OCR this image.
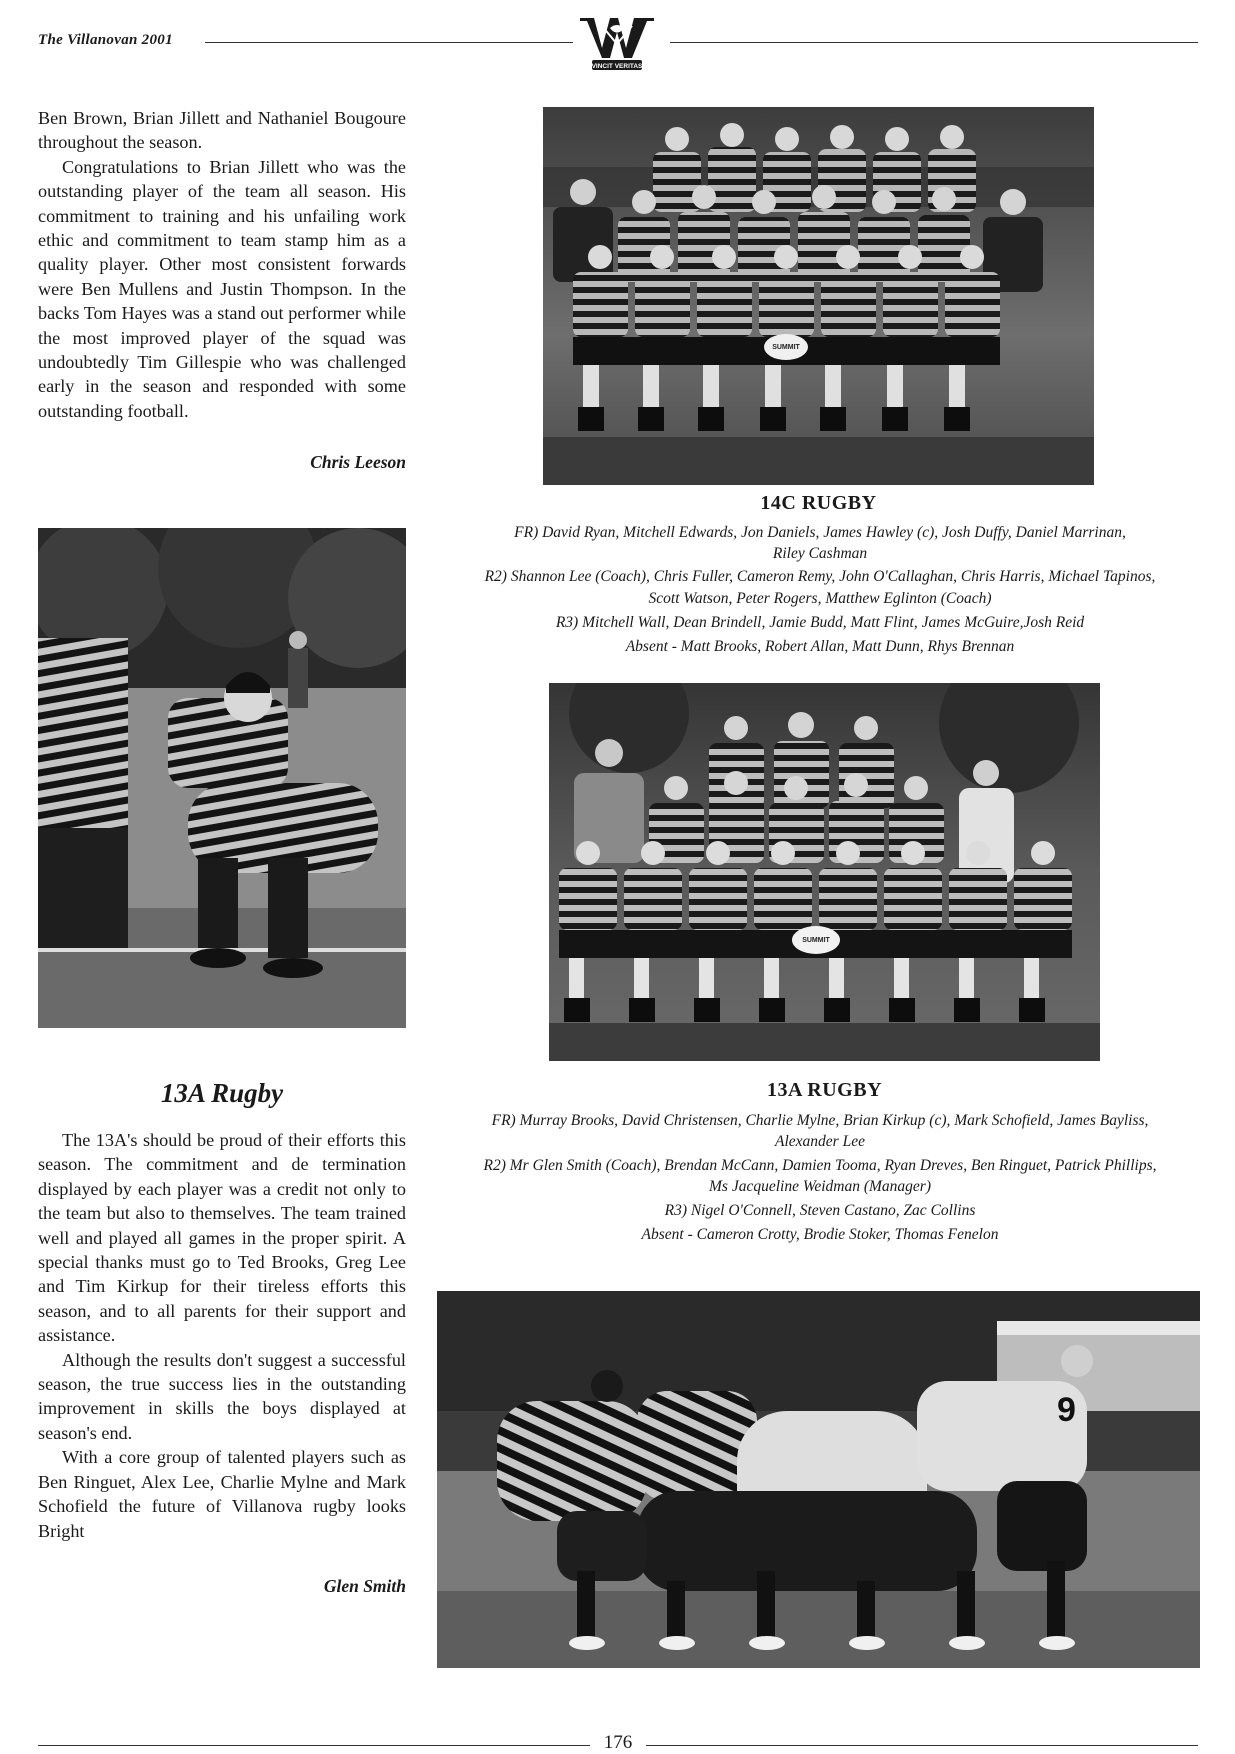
The Villanovan 2001
VINCIT VERITAS

Ben Brown, Brian Jillett and Nathaniel Bougoure throughout the season.

Congratulations to Brian Jillett who was the outstanding player of the team all season. His commitment to training and his unfailing work ethic and commitment to team stamp him as a quality player. Other most consistent forwards were Ben Mullens and Justin Thompson. In the backs Tom Hayes was a stand out performer while the most improved player of the squad was undoubtedly Tim Gillespie who was challenged early in the season and responded with some outstanding football.

Chris Leeson
SUMMIT
14C RUGBY
FR) David Ryan, Mitchell Edwards, Jon Daniels, James Hawley (c), Josh Duffy, Daniel Marrinan,
Riley Cashman
R2) Shannon Lee (Coach), Chris Fuller, Cameron Remy, John O'Callaghan, Chris Harris, Michael Tapinos,
Scott Watson, Peter Rogers, Matthew Eglinton (Coach)
R3) Mitchell Wall, Dean Brindell, Jamie Budd, Matt Flint, James McGuire,Josh Reid
Absent - Matt Brooks, Robert Allan, Matt Dunn, Rhys Brennan
SUMMIT
13A Rugby

The 13A's should be proud of their efforts this season. The commitment and de termination displayed by each player was a credit not only to the team but also to themselves. The team trained well and played all games in the proper spirit. A special thanks must go to Ted Brooks, Greg Lee and Tim Kirkup for their tireless efforts this season, and to all parents for their support and assistance.

Although the results don't suggest a successful season, the true success lies in the outstanding improvement in skills the boys displayed at season's end.

With a core group of talented players such as Ben Ringuet, Alex Lee, Charlie Mylne and Mark Schofield the future of Villanova rugby looks Bright

Glen Smith
13A RUGBY
FR) Murray Brooks, David Christensen, Charlie Mylne, Brian Kirkup (c), Mark Schofield, James Bayliss,
Alexander Lee
R2) Mr Glen Smith (Coach), Brendan McCann, Damien Tooma, Ryan Dreves, Ben Ringuet, Patrick Phillips,
Ms Jacqueline Weidman (Manager)
R3) Nigel O'Connell, Steven Castano, Zac Collins
Absent - Cameron Crotty, Brodie Stoker, Thomas Fenelon
9
176
